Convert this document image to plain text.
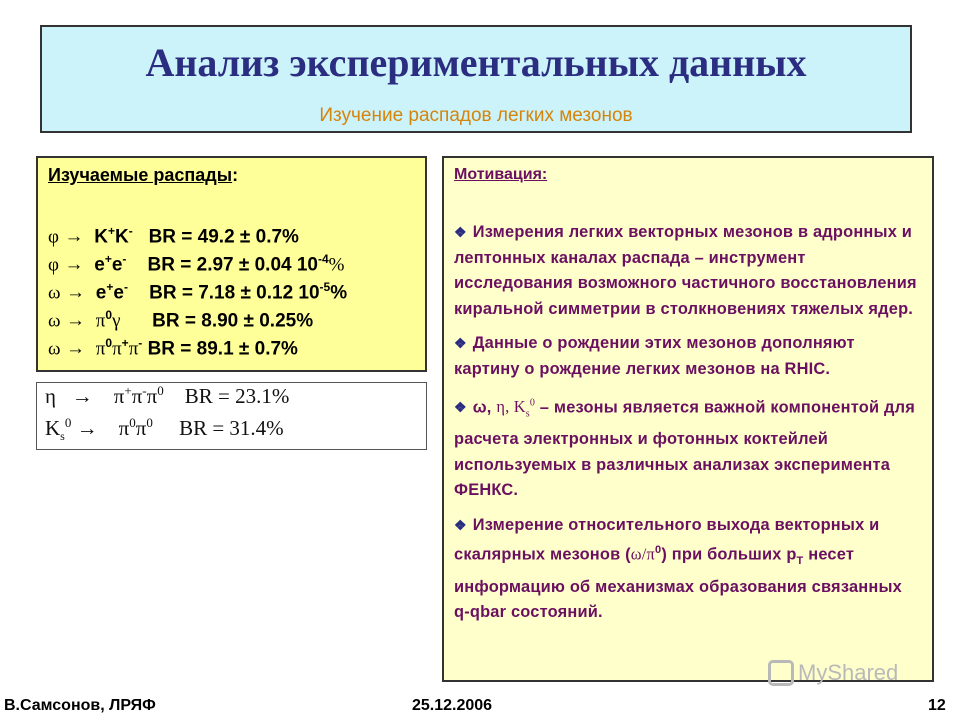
Анализ экспериментальных данных
Изучение распадов легких мезонов
Изучаемые распады:
φ → K+K- BR = 49.2 ± 0.7%
φ → e+e- BR = 2.97 ± 0.04 $10^{-4}\%$
ω → e+e- BR = 7.18 ± 0.12 $10^{-5}\%$
$\omega \to \pi^0\gamma$ BR = 8.90 ± 0.25%
$\omega \to \pi^0\pi^+\pi^-$ BR = 89.1 ± 0.7%
η   →    $\pi^+\pi^-\pi^0$ BR = 23.1%
$K_s^0$ →    $\pi^0\pi^0$ BR = 31.4%
Мотивация:
❖ Измерения легких векторных мезонов в адронных и лептонных каналах распада – инструмент исследования возможного частичного восстановления киральной симметрии в столкновениях тяжелых ядер.
❖ Данные о рождении этих мезонов дополняют картину о рождение легких мезонов на RHIC.
❖ ω, η, $K_s^0$ – мезоны является важной компонентой для расчета электронных и фотонных коктейлей используемых в различных анализах эксперимента ФЕНКС.
❖ Измерение относительного выхода векторных и скалярных мезонов $(\omega/\pi^0)$ при больших $p_T$ несет информацию об механизмах образования связанных q-qbar состояний.
MyShared
В.Самсонов, ЛРЯФ	25.12.2006	12
